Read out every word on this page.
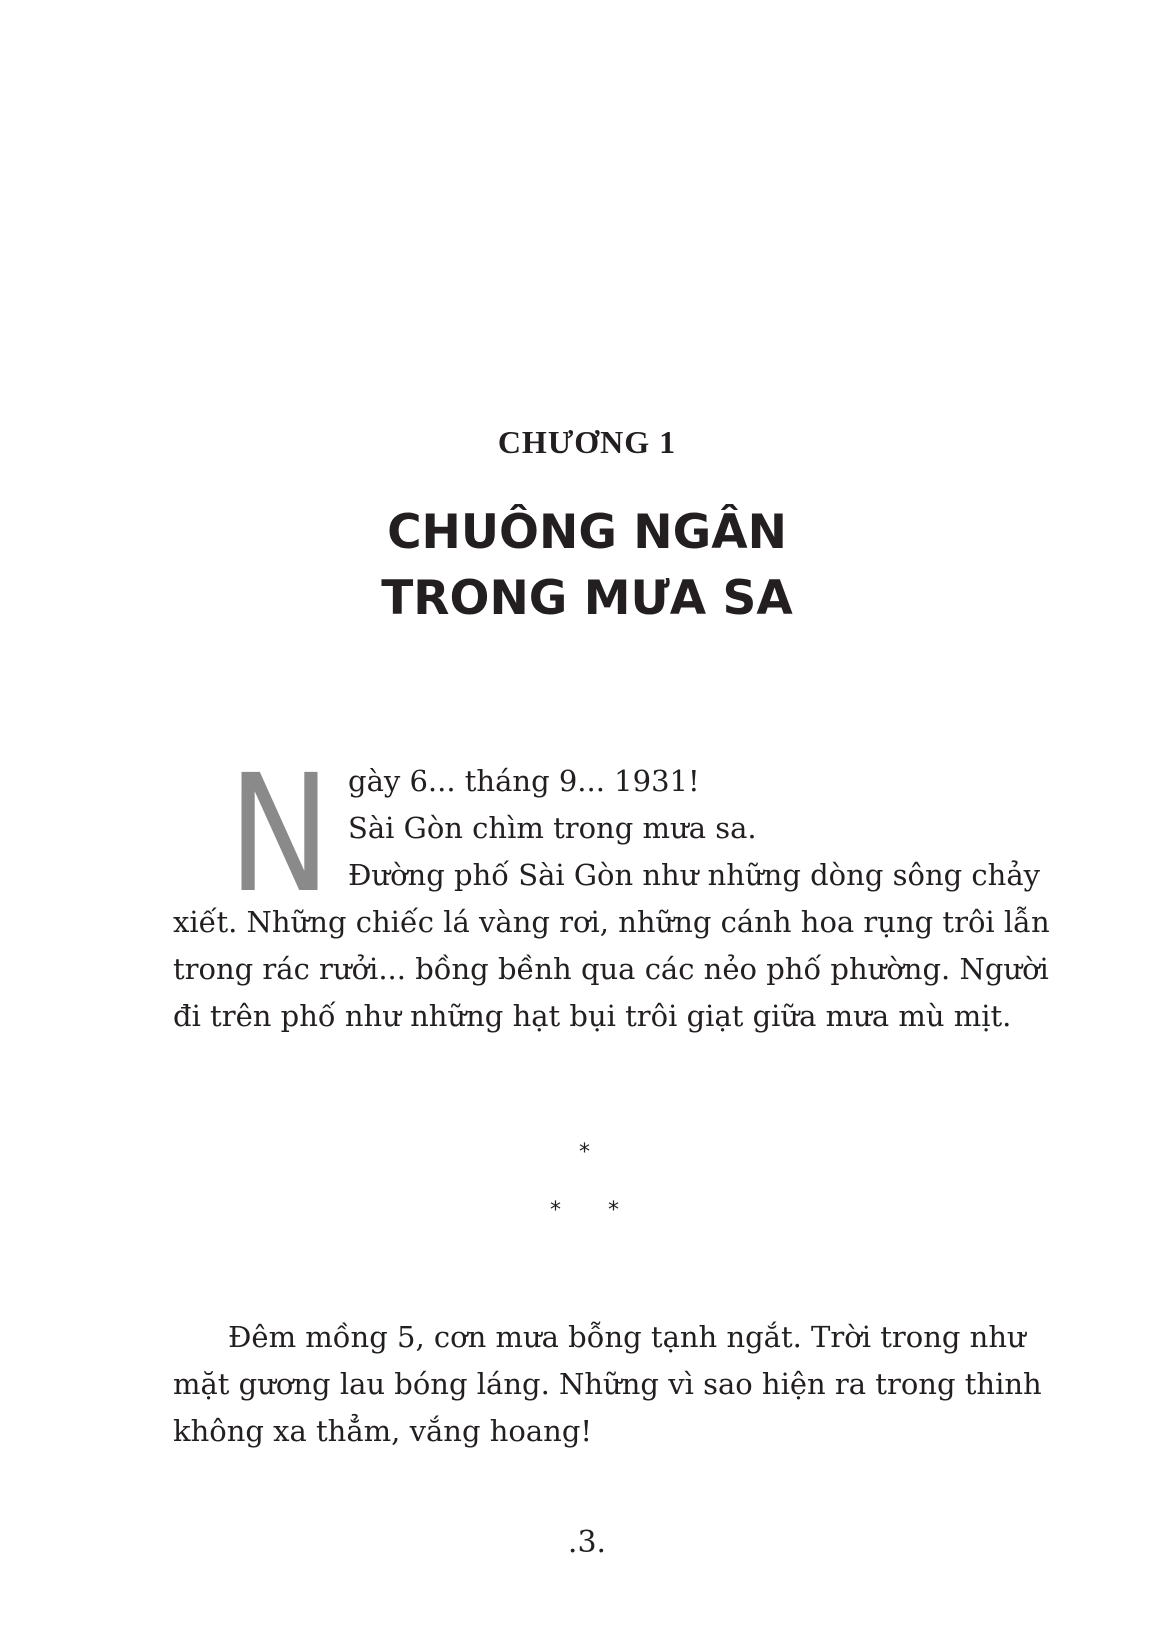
CHƯƠNG 1
CHUÔNG NGÂN
TRONG MƯA SA
N gày 6... tháng 9... 1931!
Sài Gòn chìm trong mưa sa.
Đường phố Sài Gòn như những dòng sông chảy
xiết. Những chiếc lá vàng rơi, những cánh hoa rụng trôi lẫn
trong rác rưởi... bồng bềnh qua các nẻo phố phường. Người
đi trên phố như những hạt bụi trôi giạt giữa mưa mù mịt.
*
* *
Đêm mồng 5, cơn mưa bỗng tạnh ngắt. Trời trong như
mặt gương lau bóng láng. Những vì sao hiện ra trong thinh
không xa thẳm, vắng hoang!
.3.
